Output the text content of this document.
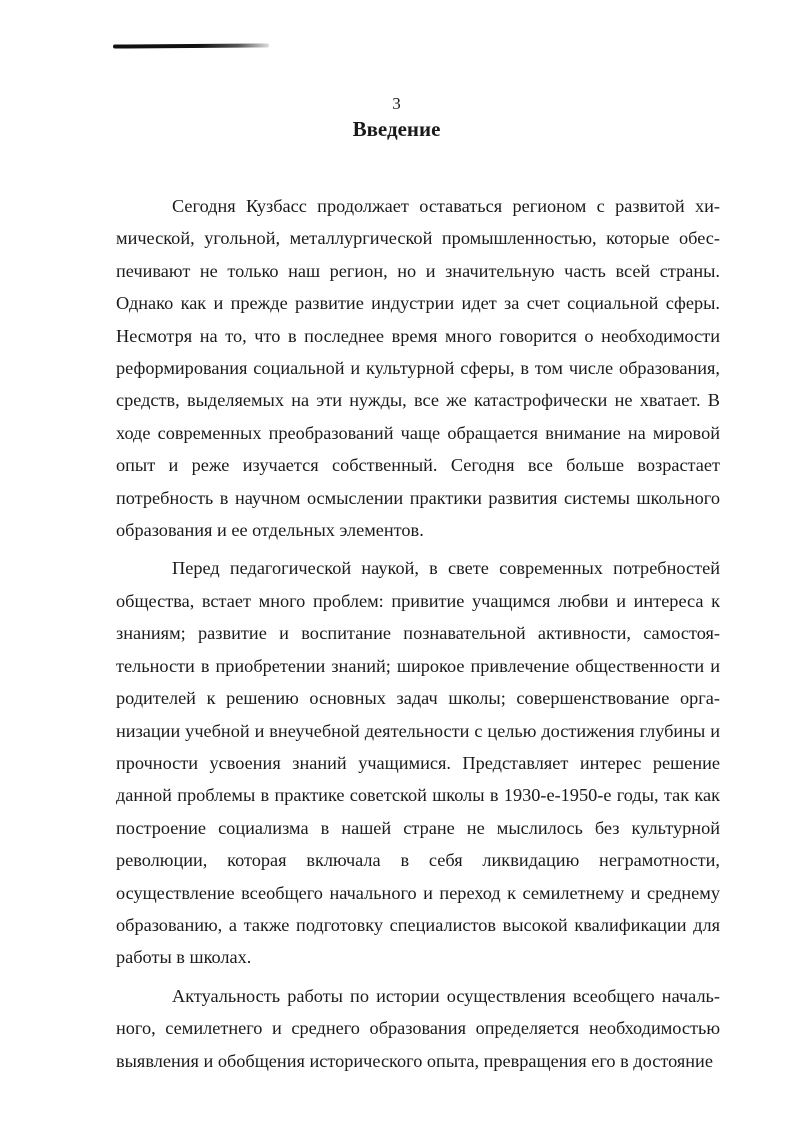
3
Введение

Сегодня Кузбасс продолжает оставаться регионом с развитой химической, угольной, металлургической промышленностью, которые обеспечивают не только наш регион, но и значительную часть всей страны. Однако как и прежде развитие индустрии идет за счет социальной сферы. Несмотря на то, что в последнее время много говорится о необходимости реформирования социальной и культурной сферы, в том числе образования, средств, выделяемых на эти нужды, все же катастрофически не хватает. В ходе современных преобразований чаще обращается внимание на мировой опыт и реже изучается собственный. Сегодня все больше возрастает потребность в научном осмыслении практики развития системы школьного образования и ее отдельных элементов.

Перед педагогической наукой, в свете современных потребностей общества, встает много проблем: привитие учащимся любви и интереса к знаниям; развитие и воспитание познавательной активности, самостоятельности в приобретении знаний; широкое привлечение общественности и родителей к решению основных задач школы; совершенствование организации учебной и внеучебной деятельности с целью достижения глубины и прочности усвоения знаний учащимися. Представляет интерес решение данной проблемы в практике советской школы в 1930-е-1950-е годы, так как построение социализма в нашей стране не мыслилось без культурной революции, которая включала в себя ликвидацию неграмотности, осуществление всеобщего начального и переход к семилетнему и среднему образованию, а также подготовку специалистов высокой квалификации для работы в школах.

Актуальность работы по истории осуществления всеобщего начального, семилетнего и среднего образования определяется необходимостью выявления и обобщения исторического опыта, превращения его в достояние
